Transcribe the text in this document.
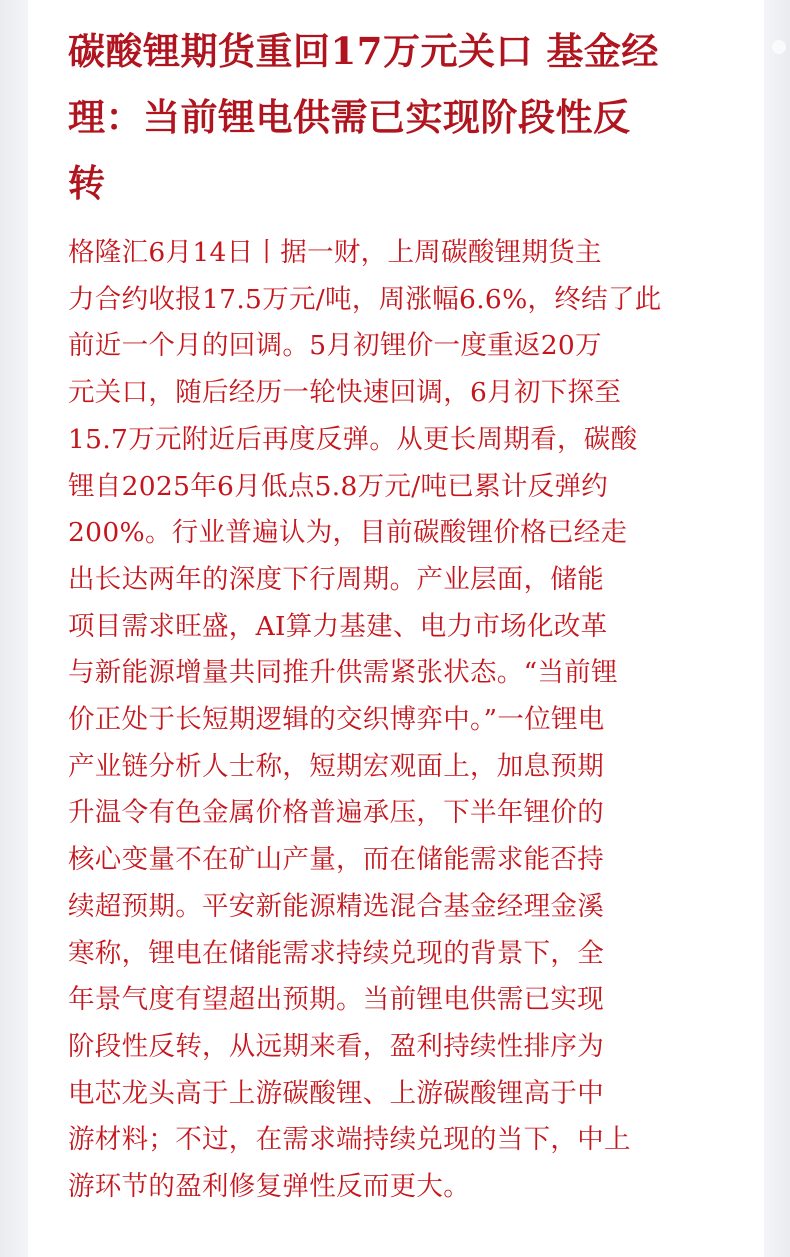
碳酸锂期货重回17万元关口 基金经
理：当前锂电供需已实现阶段性反
转

格隆汇6月14日丨据一财，上周碳酸锂期货主
力合约收报17.5万元/吨，周涨幅6.6%，终结了此
前近一个月的回调。5月初锂价一度重返20万
元关口，随后经历一轮快速回调，6月初下探至
15.7万元附近后再度反弹。从更长周期看，碳酸
锂自2025年6月低点5.8万元/吨已累计反弹约
200%。行业普遍认为，目前碳酸锂价格已经走
出长达两年的深度下行周期。产业层面，储能
项目需求旺盛，AI算力基建、电力市场化改革
与新能源增量共同推升供需紧张状态。“当前锂
价正处于长短期逻辑的交织博弈中。”一位锂电
产业链分析人士称，短期宏观面上，加息预期
升温令有色金属价格普遍承压，下半年锂价的
核心变量不在矿山产量，而在储能需求能否持
续超预期。平安新能源精选混合基金经理金溪
寒称，锂电在储能需求持续兑现的背景下，全
年景气度有望超出预期。当前锂电供需已实现
阶段性反转，从远期来看，盈利持续性排序为
电芯龙头高于上游碳酸锂、上游碳酸锂高于中
游材料；不过，在需求端持续兑现的当下，中上
游环节的盈利修复弹性反而更大。
